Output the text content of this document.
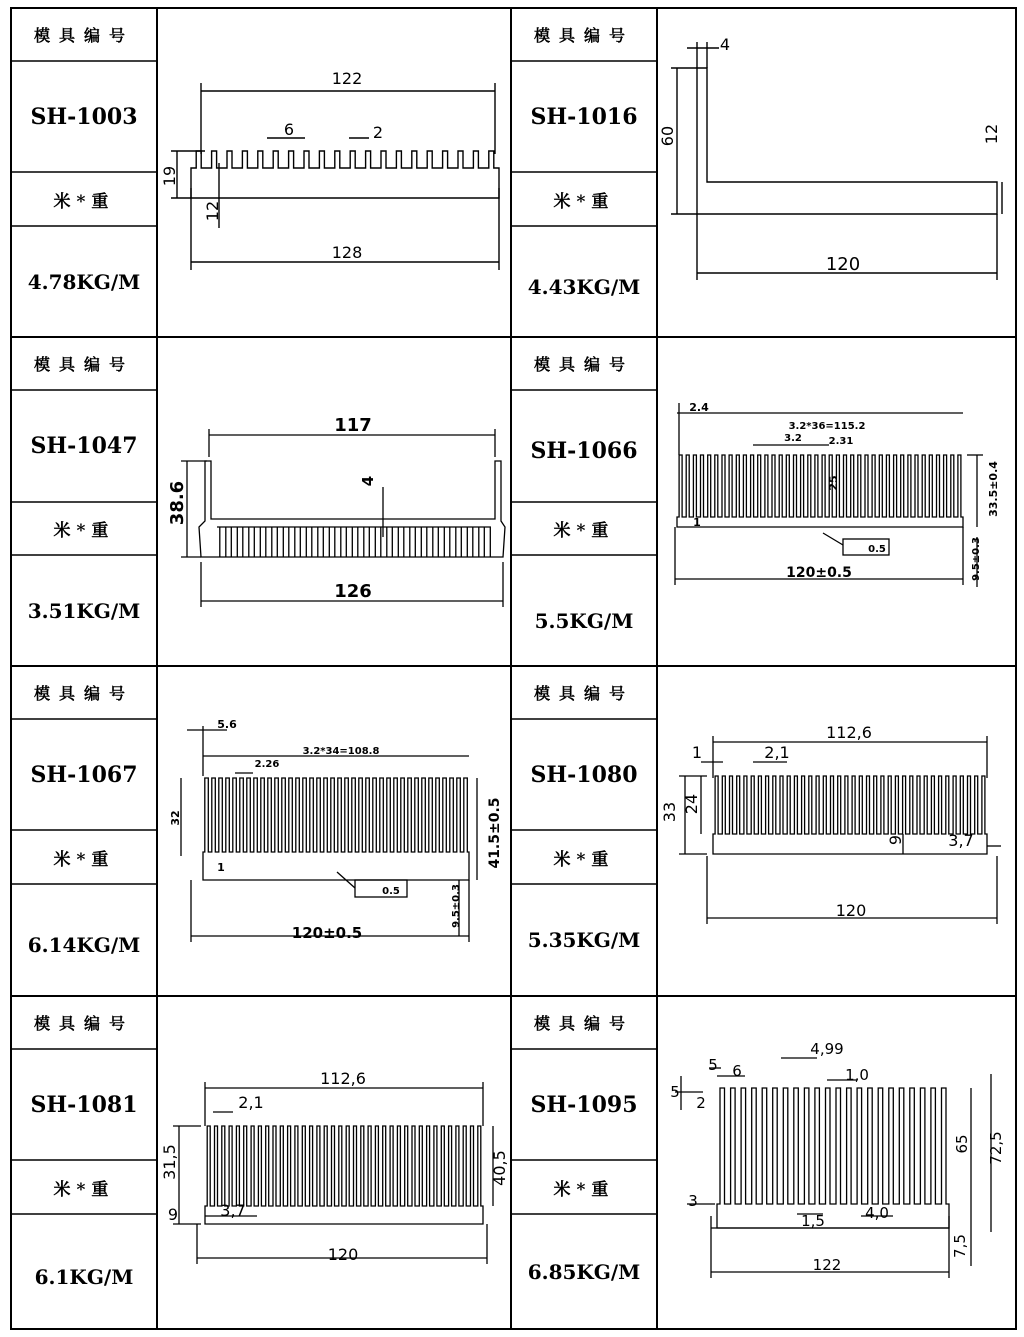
模具编号
SH-1003
米*重
4.78KG/M
模具编号
SH-1016
米*重
4.43KG/M
模具编号
SH-1047
米*重
3.51KG/M
模具编号
SH-1066
米*重
5.5KG/M
模具编号
SH-1067
米*重
6.14KG/M
模具编号
SH-1080
米*重
5.35KG/M
模具编号
SH-1081
米*重
6.1KG/M
模具编号
SH-1095
米*重
6.85KG/M
122
6	2
19
12
128
4
60	12
120
117
38.6	4
126
2.4
3.2*36=115.2
3.2	2.31
25	33.5±0.4
1
0.5	9.5±0.3
120±0.5
5.6
3.2*34=108.8
2.26
32	41.5±0.5
1
0.5	9.5±0.3
120±0.5
112,6
1	2,1
24
33
9	3,7
120
112,6
2,1
31,5	40,5
9	3,7
120
5 6
4,99
1,0
5
2
3
65 72,5
1,5	4,0
7,5
122
